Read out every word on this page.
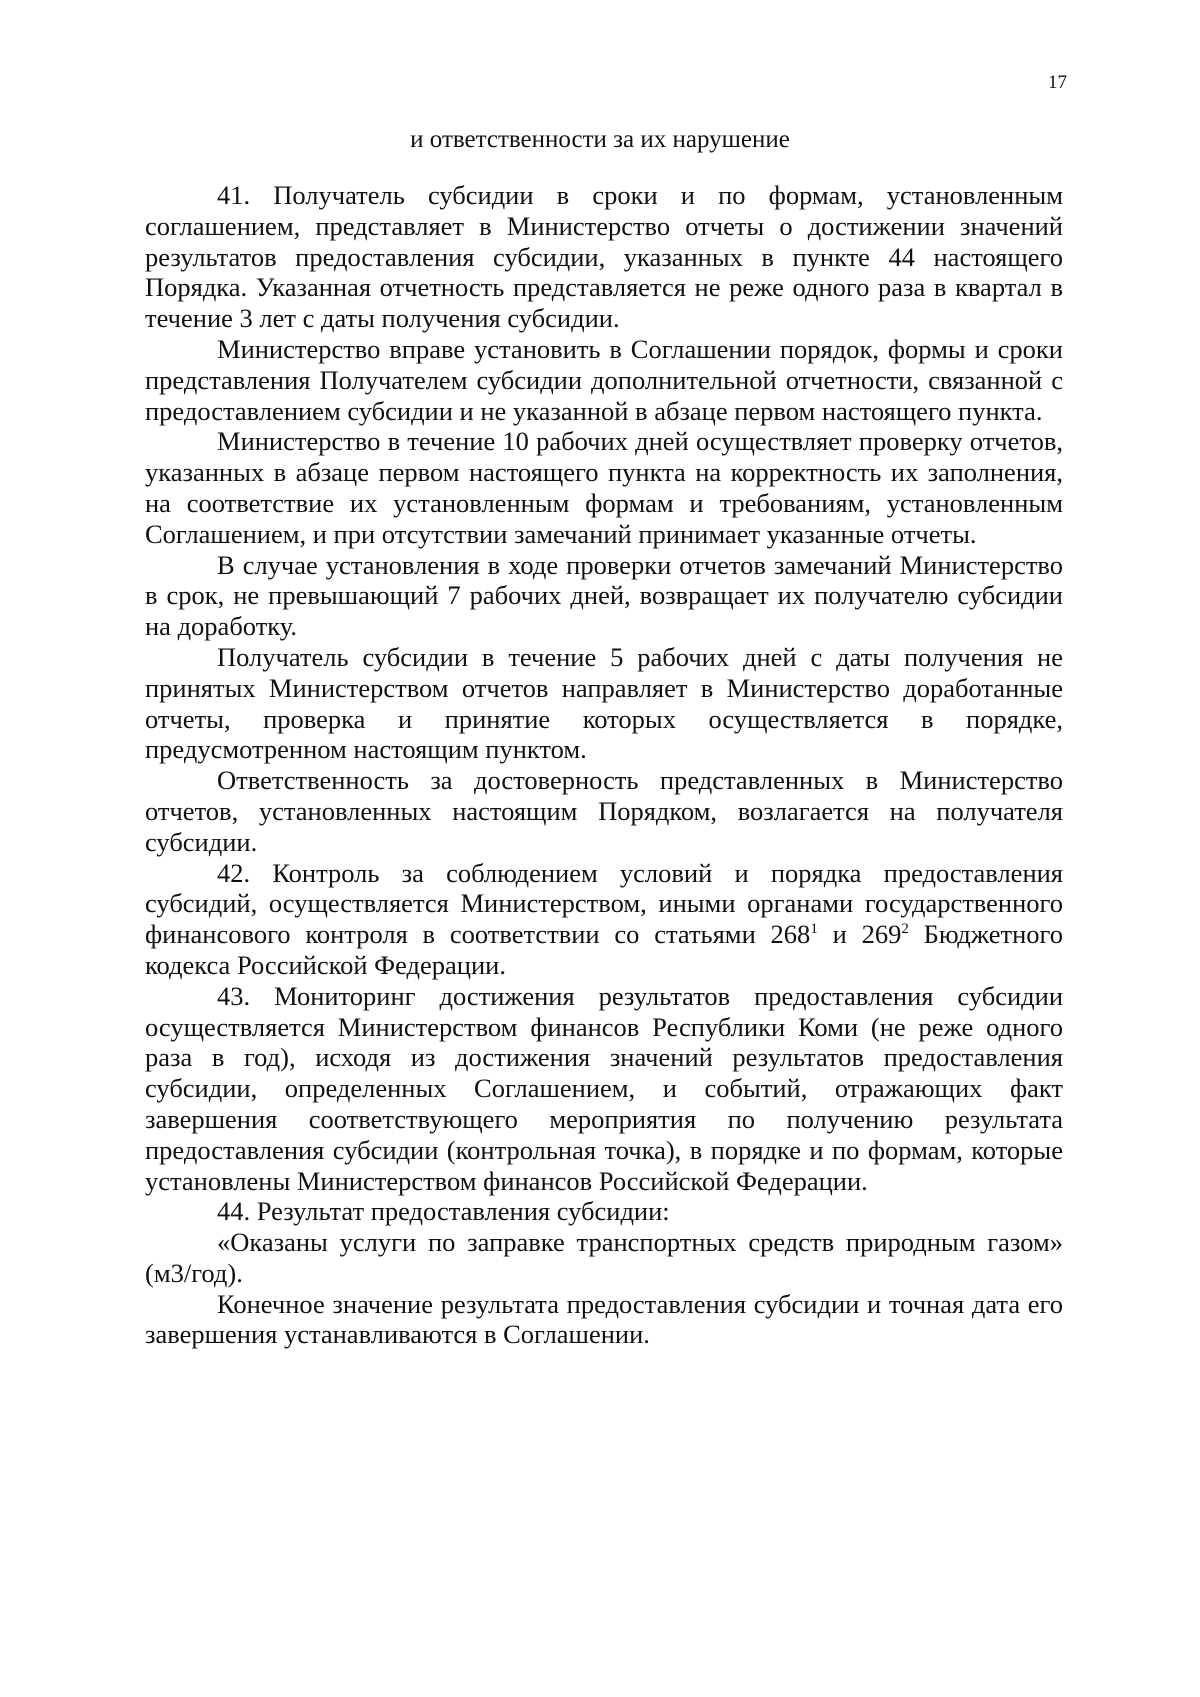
17
и ответственности за их нарушение

41. Получатель субсидии в сроки и по формам, установленным соглашением, представляет в Министерство отчеты о достижении значений результатов предоставления субсидии, указанных в пункте 44 настоящего Порядка. Указанная отчетность представляется не реже одного раза в квартал в течение 3 лет с даты получения субсидии.

Министерство вправе установить в Соглашении порядок, формы и сроки представления Получателем субсидии дополнительной отчетности, связанной с предоставлением субсидии и не указанной в абзаце первом настоящего пункта.

Министерство в течение 10 рабочих дней осуществляет проверку отчетов, указанных в абзаце первом настоящего пункта на корректность их заполнения, на соответствие их установленным формам и требованиям, установленным Соглашением, и при отсутствии замечаний принимает указанные отчеты.

В случае установления в ходе проверки отчетов замечаний Министерство в срок, не превышающий 7 рабочих дней, возвращает их получателю субсидии на доработку.

Получатель субсидии в течение 5 рабочих дней с даты получения не принятых Министерством отчетов направляет в Министерство доработанные отчеты, проверка и принятие которых осуществляется в порядке, предусмотренном настоящим пунктом.

Ответственность за достоверность представленных в Министерство отчетов, установленных настоящим Порядком, возлагается на получателя субсидии.

42. Контроль за соблюдением условий и порядка предоставления субсидий, осуществляется Министерством, иными органами государственного финансового контроля в соответствии со статьями $268^1$ и $269^2$ Бюджетного кодекса Российской Федерации.

43. Мониторинг достижения результатов предоставления субсидии осуществляется Министерством финансов Республики Коми (не реже одного раза в год), исходя из достижения значений результатов предоставления субсидии, определенных Соглашением, и событий, отражающих факт завершения соответствующего мероприятия по получению результата предоставления субсидии (контрольная точка), в порядке и по формам, которые установлены Министерством финансов Российской Федерации.

44. Результат предоставления субсидии:

«Оказаны услуги по заправке транспортных средств природным газом» (м3/год).

Конечное значение результата предоставления субсидии и точная дата его завершения устанавливаются в Соглашении.
